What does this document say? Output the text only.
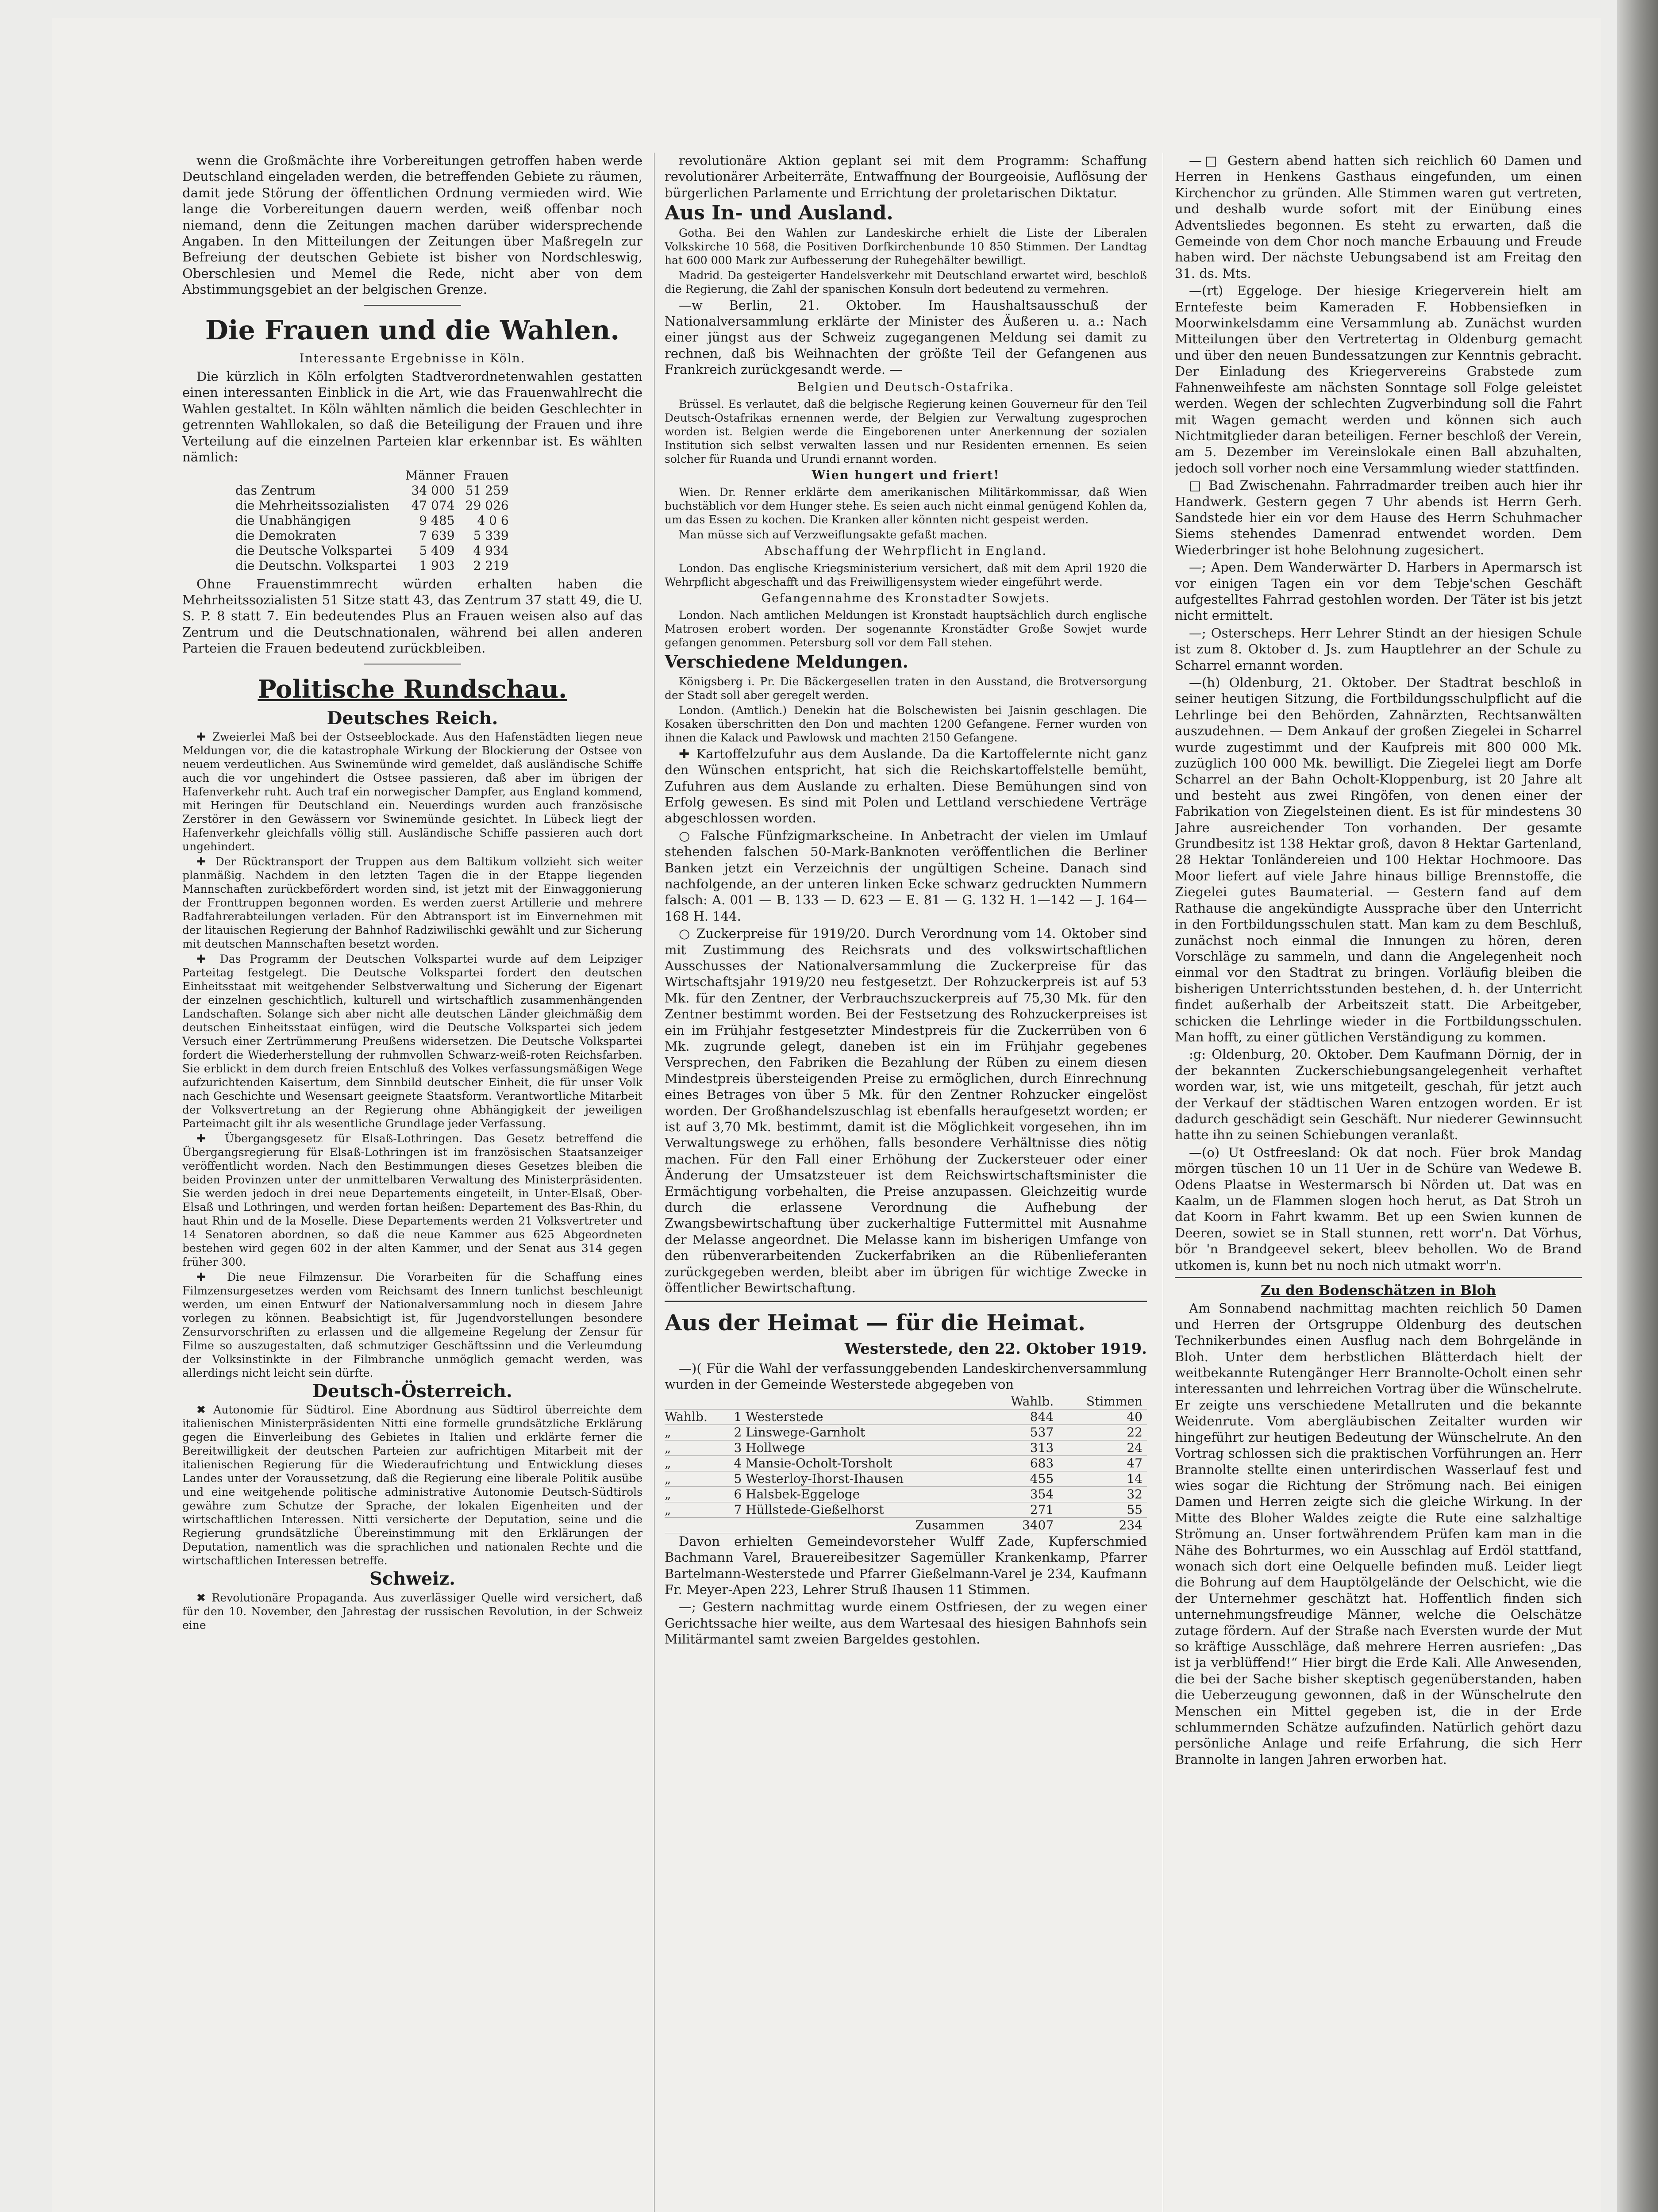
wenn die Großmächte ihre Vorbereitungen getroffen haben werde Deutschland eingeladen werden, die betreffenden Gebiete zu räumen, damit jede Störung der öffentlichen Ordnung vermieden wird. Wie lange die Vorbereitungen dauern werden, weiß offenbar noch niemand, denn die Zeitungen machen darüber widersprechende Angaben. In den Mitteilungen der Zeitungen über Maßregeln zur Befreiung der deutschen Gebiete ist bisher von Nordschleswig, Oberschlesien und Memel die Rede, nicht aber von dem Abstimmungsgebiet an der belgischen Grenze.

Die Frauen und die Wahlen.
Interessante Ergebnisse in Köln.

Die kürzlich in Köln erfolgten Stadtverordnetenwahlen gestatten einen interessanten Einblick in die Art, wie das Frauenwahlrecht die Wahlen gestaltet. In Köln wählten nämlich die beiden Geschlechter in getrennten Wahllokalen, so daß die Beteiligung der Frauen und ihre Verteilung auf die einzelnen Parteien klar erkennbar ist. Es wählten nämlich:

	Männer	Frauen
das Zentrum	34 000	51 259
die Mehrheitssozialisten	47 074	29 026
die Unabhängigen	9 485	4 0 6
die Demokraten	7 639	5 339
die Deutsche Volkspartei	5 409	4 934
die Deutschn. Volkspartei	1 903	2 219

Ohne Frauenstimmrecht würden erhalten haben die Mehrheitssozialisten 51 Sitze statt 43, das Zentrum 37 statt 49, die U. S. P. 8 statt 7. Ein bedeutendes Plus an Frauen weisen also auf das Zentrum und die Deutschnationalen, während bei allen anderen Parteien die Frauen bedeutend zurückbleiben.

Politische Rundschau.
Deutsches Reich.

✚ Zweierlei Maß bei der Ostseeblockade. Aus den Hafenstädten liegen neue Meldungen vor, die die katastrophale Wirkung der Blockierung der Ostsee von neuem verdeutlichen. Aus Swinemünde wird gemeldet, daß ausländische Schiffe auch die vor ungehindert die Ostsee passieren, daß aber im übrigen der Hafenverkehr ruht. Auch traf ein norwegischer Dampfer, aus England kommend, mit Heringen für Deutschland ein. Neuerdings wurden auch französische Zerstörer in den Gewässern vor Swinemünde gesichtet. In Lübeck liegt der Hafenverkehr gleichfalls völlig still. Ausländische Schiffe passieren auch dort ungehindert.

✚ Der Rücktransport der Truppen aus dem Baltikum vollzieht sich weiter planmäßig. Nachdem in den letzten Tagen die in der Etappe liegenden Mannschaften zurückbefördert worden sind, ist jetzt mit der Einwaggonierung der Fronttruppen begonnen worden. Es werden zuerst Artillerie und mehrere Radfahrerabteilungen verladen. Für den Abtransport ist im Einvernehmen mit der litauischen Regierung der Bahnhof Radziwilischki gewählt und zur Sicherung mit deutschen Mannschaften besetzt worden.

✚ Das Programm der Deutschen Volkspartei wurde auf dem Leipziger Parteitag festgelegt. Die Deutsche Volkspartei fordert den deutschen Einheitsstaat mit weitgehender Selbstverwaltung und Sicherung der Eigenart der einzelnen geschichtlich, kulturell und wirtschaftlich zusammenhängenden Landschaften. Solange sich aber nicht alle deutschen Länder gleichmäßig dem deutschen Einheitsstaat einfügen, wird die Deutsche Volkspartei sich jedem Versuch einer Zertrümmerung Preußens widersetzen. Die Deutsche Volkspartei fordert die Wiederherstellung der ruhmvollen Schwarz-weiß-roten Reichsfarben. Sie erblickt in dem durch freien Entschluß des Volkes verfassungsmäßigen Wege aufzurichtenden Kaisertum, dem Sinnbild deutscher Einheit, die für unser Volk nach Geschichte und Wesensart geeignete Staatsform. Verantwortliche Mitarbeit der Volksvertretung an der Regierung ohne Abhängigkeit der jeweiligen Parteimacht gilt ihr als wesentliche Grundlage jeder Verfassung.

✚ Übergangsgesetz für Elsaß-Lothringen. Das Gesetz betreffend die Übergangsregierung für Elsaß-Lothringen ist im französischen Staatsanzeiger veröffentlicht worden. Nach den Bestimmungen dieses Gesetzes bleiben die beiden Provinzen unter der unmittelbaren Verwaltung des Ministerpräsidenten. Sie werden jedoch in drei neue Departements eingeteilt, in Unter-Elsaß, Ober-Elsaß und Lothringen, und werden fortan heißen: Departement des Bas-Rhin, du haut Rhin und de la Moselle. Diese Departements werden 21 Volksvertreter und 14 Senatoren abordnen, so daß die neue Kammer aus 625 Abgeordneten bestehen wird gegen 602 in der alten Kammer, und der Senat aus 314 gegen früher 300.

✚ Die neue Filmzensur. Die Vorarbeiten für die Schaffung eines Filmzensurgesetzes werden vom Reichsamt des Innern tunlichst beschleunigt werden, um einen Entwurf der Nationalversammlung noch in diesem Jahre vorlegen zu können. Beabsichtigt ist, für Jugendvorstellungen besondere Zensurvorschriften zu erlassen und die allgemeine Regelung der Zensur für Filme so auszugestalten, daß schmutziger Geschäftssinn und die Verleumdung der Volksinstinkte in der Filmbranche unmöglich gemacht werden, was allerdings nicht leicht sein dürfte.

Deutsch-Österreich.

✖ Autonomie für Südtirol. Eine Abordnung aus Südtirol überreichte dem italienischen Ministerpräsidenten Nitti eine formelle grundsätzliche Erklärung gegen die Einverleibung des Gebietes in Italien und erklärte ferner die Bereitwilligkeit der deutschen Parteien zur aufrichtigen Mitarbeit mit der italienischen Regierung für die Wiederaufrichtung und Entwicklung dieses Landes unter der Voraussetzung, daß die Regierung eine liberale Politik ausübe und eine weitgehende politische administrative Autonomie Deutsch-Südtirols gewähre zum Schutze der Sprache, der lokalen Eigenheiten und der wirtschaftlichen Interessen. Nitti versicherte der Deputation, seine und die Regierung grundsätzliche Übereinstimmung mit den Erklärungen der Deputation, namentlich was die sprachlichen und nationalen Rechte und die wirtschaftlichen Interessen betreffe.

Schweiz.

✖ Revolutionäre Propaganda. Aus zuverlässiger Quelle wird versichert, daß für den 10. November, den Jahrestag der russischen Revolution, in der Schweiz eine

revolutionäre Aktion geplant sei mit dem Programm: Schaffung revolutionärer Arbeiterräte, Entwaffnung der Bourgeoisie, Auflösung der bürgerlichen Parlamente und Errichtung der proletarischen Diktatur.

Aus In- und Ausland.

Gotha. Bei den Wahlen zur Landeskirche erhielt die Liste der Liberalen Volkskirche 10 568, die Positiven Dorfkirchenbunde 10 850 Stimmen. Der Landtag hat 600 000 Mark zur Aufbesserung der Ruhegehälter bewilligt.

Madrid. Da gesteigerter Handelsverkehr mit Deutschland erwartet wird, beschloß die Regierung, die Zahl der spanischen Konsuln dort bedeutend zu vermehren.

—w Berlin, 21. Oktober. Im Haushaltsausschuß der Nationalversammlung erklärte der Minister des Äußeren u. a.: Nach einer jüngst aus der Schweiz zugegangenen Meldung sei damit zu rechnen, daß bis Weihnachten der größte Teil der Gefangenen aus Frankreich zurückgesandt werde. —

Belgien und Deutsch-Ostafrika.

Brüssel. Es verlautet, daß die belgische Regierung keinen Gouverneur für den Teil Deutsch-Ostafrikas ernennen werde, der Belgien zur Verwaltung zugesprochen worden ist. Belgien werde die Eingeborenen unter Anerkennung der sozialen Institution sich selbst verwalten lassen und nur Residenten ernennen. Es seien solcher für Ruanda und Urundi ernannt worden.

Wien hungert und friert!

Wien. Dr. Renner erklärte dem amerikanischen Militärkommissar, daß Wien buchstäblich vor dem Hunger stehe. Es seien auch nicht einmal genügend Kohlen da, um das Essen zu kochen. Die Kranken aller könnten nicht gespeist werden.

Man müsse sich auf Verzweiflungsakte gefaßt machen.

Abschaffung der Wehrpflicht in England.

London. Das englische Kriegsministerium versichert, daß mit dem April 1920 die Wehrpflicht abgeschafft und das Freiwilligensystem wieder eingeführt werde.

Gefangennahme des Kronstadter Sowjets.

London. Nach amtlichen Meldungen ist Kronstadt hauptsächlich durch englische Matrosen erobert worden. Der sogenannte Kronstädter Große Sowjet wurde gefangen genommen. Petersburg soll vor dem Fall stehen.

Verschiedene Meldungen.

Königsberg i. Pr. Die Bäckergesellen traten in den Ausstand, die Brotversorgung der Stadt soll aber geregelt werden.

London. (Amtlich.) Denekin hat die Bolschewisten bei Jaisnin geschlagen. Die Kosaken überschritten den Don und machten 1200 Gefangene. Ferner wurden von ihnen die Kalack und Pawlowsk und machten 2150 Gefangene.

✚ Kartoffelzufuhr aus dem Auslande. Da die Kartoffelernte nicht ganz den Wünschen entspricht, hat sich die Reichskartoffelstelle bemüht, Zufuhren aus dem Auslande zu erhalten. Diese Bemühungen sind von Erfolg gewesen. Es sind mit Polen und Lettland verschiedene Verträge abgeschlossen worden.

○ Falsche Fünfzigmarkscheine. In Anbetracht der vielen im Umlauf stehenden falschen 50-Mark-Banknoten veröffentlichen die Berliner Banken jetzt ein Verzeichnis der ungültigen Scheine. Danach sind nachfolgende, an der unteren linken Ecke schwarz gedruckten Nummern falsch: A. 001 — B. 133 — D. 623 — E. 81 — G. 132 H. 1—142 — J. 164—168 H. 144.

○ Zuckerpreise für 1919/20. Durch Verordnung vom 14. Oktober sind mit Zustimmung des Reichsrats und des volkswirtschaftlichen Ausschusses der Nationalversammlung die Zuckerpreise für das Wirtschaftsjahr 1919/20 neu festgesetzt. Der Rohzuckerpreis ist auf 53 Mk. für den Zentner, der Verbrauchszuckerpreis auf 75,30 Mk. für den Zentner bestimmt worden. Bei der Festsetzung des Rohzuckerpreises ist ein im Frühjahr festgesetzter Mindestpreis für die Zuckerrüben von 6 Mk. zugrunde gelegt, daneben ist ein im Frühjahr gegebenes Versprechen, den Fabriken die Bezahlung der Rüben zu einem diesen Mindestpreis übersteigenden Preise zu ermöglichen, durch Einrechnung eines Betrages von über 5 Mk. für den Zentner Rohzucker eingelöst worden. Der Großhandelszuschlag ist ebenfalls heraufgesetzt worden; er ist auf 3,70 Mk. bestimmt, damit ist die Möglichkeit vorgesehen, ihn im Verwaltungswege zu erhöhen, falls besondere Verhältnisse dies nötig machen. Für den Fall einer Erhöhung der Zuckersteuer oder einer Änderung der Umsatzsteuer ist dem Reichswirtschaftsminister die Ermächtigung vorbehalten, die Preise anzupassen. Gleichzeitig wurde durch die erlassene Verordnung die Aufhebung der Zwangsbewirtschaftung über zuckerhaltige Futtermittel mit Ausnahme der Melasse angeordnet. Die Melasse kann im bisherigen Umfange von den rübenverarbeitenden Zuckerfabriken an die Rübenlieferanten zurückgegeben werden, bleibt aber im übrigen für wichtige Zwecke in öffentlicher Bewirtschaftung.

Aus der Heimat — für die Heimat.
Westerstede, den 22. Oktober 1919.

—)( Für die Wahl der verfassunggebenden Landeskirchenversammlung wurden in der Gemeinde Westerstede abgegeben von

		Wahlb.	Stimmen
Wahlb.	1 Westerstede	844	40
„	2 Linswege-Garnholt	537	22
„	3 Hollwege	313	24
„	4 Mansie-Ocholt-Torsholt	683	47
„	5 Westerloy-Ihorst-Ihausen	455	14
„	6 Halsbek-Eggeloge	354	32
„	7 Hüllstede-Gießelhorst	271	55
	Zusammen	3407	234

Davon erhielten Gemeindevorsteher Wulff Zade, Kupferschmied Bachmann Varel, Brauereibesitzer Sagemüller Krankenkamp, Pfarrer Bartelmann-Westerstede und Pfarrer Gießelmann-Varel je 234, Kaufmann Fr. Meyer-Apen 223, Lehrer Struß Ihausen 11 Stimmen.

—; Gestern nachmittag wurde einem Ostfriesen, der zu wegen einer Gerichtssache hier weilte, aus dem Wartesaal des hiesigen Bahnhofs sein Militärmantel samt zweien Bargeldes gestohlen.

—□ Gestern abend hatten sich reichlich 60 Damen und Herren in Henkens Gasthaus eingefunden, um einen Kirchenchor zu gründen. Alle Stimmen waren gut vertreten, und deshalb wurde sofort mit der Einübung eines Adventsliedes begonnen. Es steht zu erwarten, daß die Gemeinde von dem Chor noch manche Erbauung und Freude haben wird. Der nächste Uebungsabend ist am Freitag den 31. ds. Mts.

—(rt) Eggeloge. Der hiesige Kriegerverein hielt am Erntefeste beim Kameraden F. Hobbensiefken in Moorwinkelsdamm eine Versammlung ab. Zunächst wurden Mitteilungen über den Vertretertag in Oldenburg gemacht und über den neuen Bundessatzungen zur Kenntnis gebracht. Der Einladung des Kriegervereins Grabstede zum Fahnenweihfeste am nächsten Sonntage soll Folge geleistet werden. Wegen der schlechten Zugverbindung soll die Fahrt mit Wagen gemacht werden und können sich auch Nichtmitglieder daran beteiligen. Ferner beschloß der Verein, am 5. Dezember im Vereinslokale einen Ball abzuhalten, jedoch soll vorher noch eine Versammlung wieder stattfinden.

□ Bad Zwischenahn. Fahrradmarder treiben auch hier ihr Handwerk. Gestern gegen 7 Uhr abends ist Herrn Gerh. Sandstede hier ein vor dem Hause des Herrn Schuhmacher Siems stehendes Damenrad entwendet worden. Dem Wiederbringer ist hohe Belohnung zugesichert.

—; Apen. Dem Wanderwärter D. Harbers in Apermarsch ist vor einigen Tagen ein vor dem Tebje'schen Geschäft aufgestelltes Fahrrad gestohlen worden. Der Täter ist bis jetzt nicht ermittelt.

—; Osterscheps. Herr Lehrer Stindt an der hiesigen Schule ist zum 8. Oktober d. Js. zum Hauptlehrer an der Schule zu Scharrel ernannt worden.

—(h) Oldenburg, 21. Oktober. Der Stadtrat beschloß in seiner heutigen Sitzung, die Fortbildungsschulpflicht auf die Lehrlinge bei den Behörden, Zahnärzten, Rechtsanwälten auszudehnen. — Dem Ankauf der großen Ziegelei in Scharrel wurde zugestimmt und der Kaufpreis mit 800 000 Mk. zuzüglich 100 000 Mk. bewilligt. Die Ziegelei liegt am Dorfe Scharrel an der Bahn Ocholt-Kloppenburg, ist 20 Jahre alt und besteht aus zwei Ringöfen, von denen einer der Fabrikation von Ziegelsteinen dient. Es ist für mindestens 30 Jahre ausreichender Ton vorhanden. Der gesamte Grundbesitz ist 138 Hektar groß, davon 8 Hektar Gartenland, 28 Hektar Tonländereien und 100 Hektar Hochmoore. Das Moor liefert auf viele Jahre hinaus billige Brennstoffe, die Ziegelei gutes Baumaterial. — Gestern fand auf dem Rathause die angekündigte Aussprache über den Unterricht in den Fortbildungsschulen statt. Man kam zu dem Beschluß, zunächst noch einmal die Innungen zu hören, deren Vorschläge zu sammeln, und dann die Angelegenheit noch einmal vor den Stadtrat zu bringen. Vorläufig bleiben die bisherigen Unterrichtsstunden bestehen, d. h. der Unterricht findet außerhalb der Arbeitszeit statt. Die Arbeitgeber, schicken die Lehrlinge wieder in die Fortbildungsschulen. Man hofft, zu einer gütlichen Verständigung zu kommen.

:g: Oldenburg, 20. Oktober. Dem Kaufmann Dörnig, der in der bekannten Zuckerschiebungsangelegenheit verhaftet worden war, ist, wie uns mitgeteilt, geschah, für jetzt auch der Verkauf der städtischen Waren entzogen worden. Er ist dadurch geschädigt sein Geschäft. Nur niederer Gewinnsucht hatte ihn zu seinen Schiebungen veranlaßt.

—(o) Ut Ostfreesland: Ok dat noch. Füer brok Mandag mörgen tüschen 10 un 11 Uer in de Schüre van Wedewe B. Odens Plaatse in Westermarsch bi Nörden ut. Dat was en Kaalm, un de Flammen slogen hoch herut, as Dat Stroh un dat Koorn in Fahrt kwamm. Bet up een Swien kunnen de Deeren, sowiet se in Stall stunnen, rett worr'n. Dat Vörhus, bör 'n Brandgeevel sekert, bleev behollen. Wo de Brand utkomen is, kunn bet nu noch nich utmakt worr'n.

Zu den Bodenschätzen in Bloh

Am Sonnabend nachmittag machten reichlich 50 Damen und Herren der Ortsgruppe Oldenburg des deutschen Technikerbundes einen Ausflug nach dem Bohrgelände in Bloh. Unter dem herbstlichen Blätterdach hielt der weitbekannte Rutengänger Herr Brannolte-Ocholt einen sehr interessanten und lehrreichen Vortrag über die Wünschelrute. Er zeigte uns verschiedene Metallruten und die bekannte Weidenrute. Vom abergläubischen Zeitalter wurden wir hingeführt zur heutigen Bedeutung der Wünschelrute. An den Vortrag schlossen sich die praktischen Vorführungen an. Herr Brannolte stellte einen unterirdischen Wasserlauf fest und wies sogar die Richtung der Strömung nach. Bei einigen Damen und Herren zeigte sich die gleiche Wirkung. In der Mitte des Bloher Waldes zeigte die Rute eine salzhaltige Strömung an. Unser fortwährendem Prüfen kam man in die Nähe des Bohrturmes, wo ein Ausschlag auf Erdöl stattfand, wonach sich dort eine Oelquelle befinden muß. Leider liegt die Bohrung auf dem Hauptölgelände der Oelschicht, wie die der Unternehmer geschätzt hat. Hoffentlich finden sich unternehmungsfreudige Männer, welche die Oelschätze zutage fördern. Auf der Straße nach Eversten wurde der Mut so kräftige Ausschläge, daß mehrere Herren ausriefen: „Das ist ja verblüffend!“ Hier birgt die Erde Kali. Alle Anwesenden, die bei der Sache bisher skeptisch gegenüberstanden, haben die Ueberzeugung gewonnen, daß in der Wünschelrute den Menschen ein Mittel gegeben ist, die in der Erde schlummernden Schätze aufzufinden. Natürlich gehört dazu persönliche Anlage und reife Erfahrung, die sich Herr Brannolte in langen Jahren erworben hat.
